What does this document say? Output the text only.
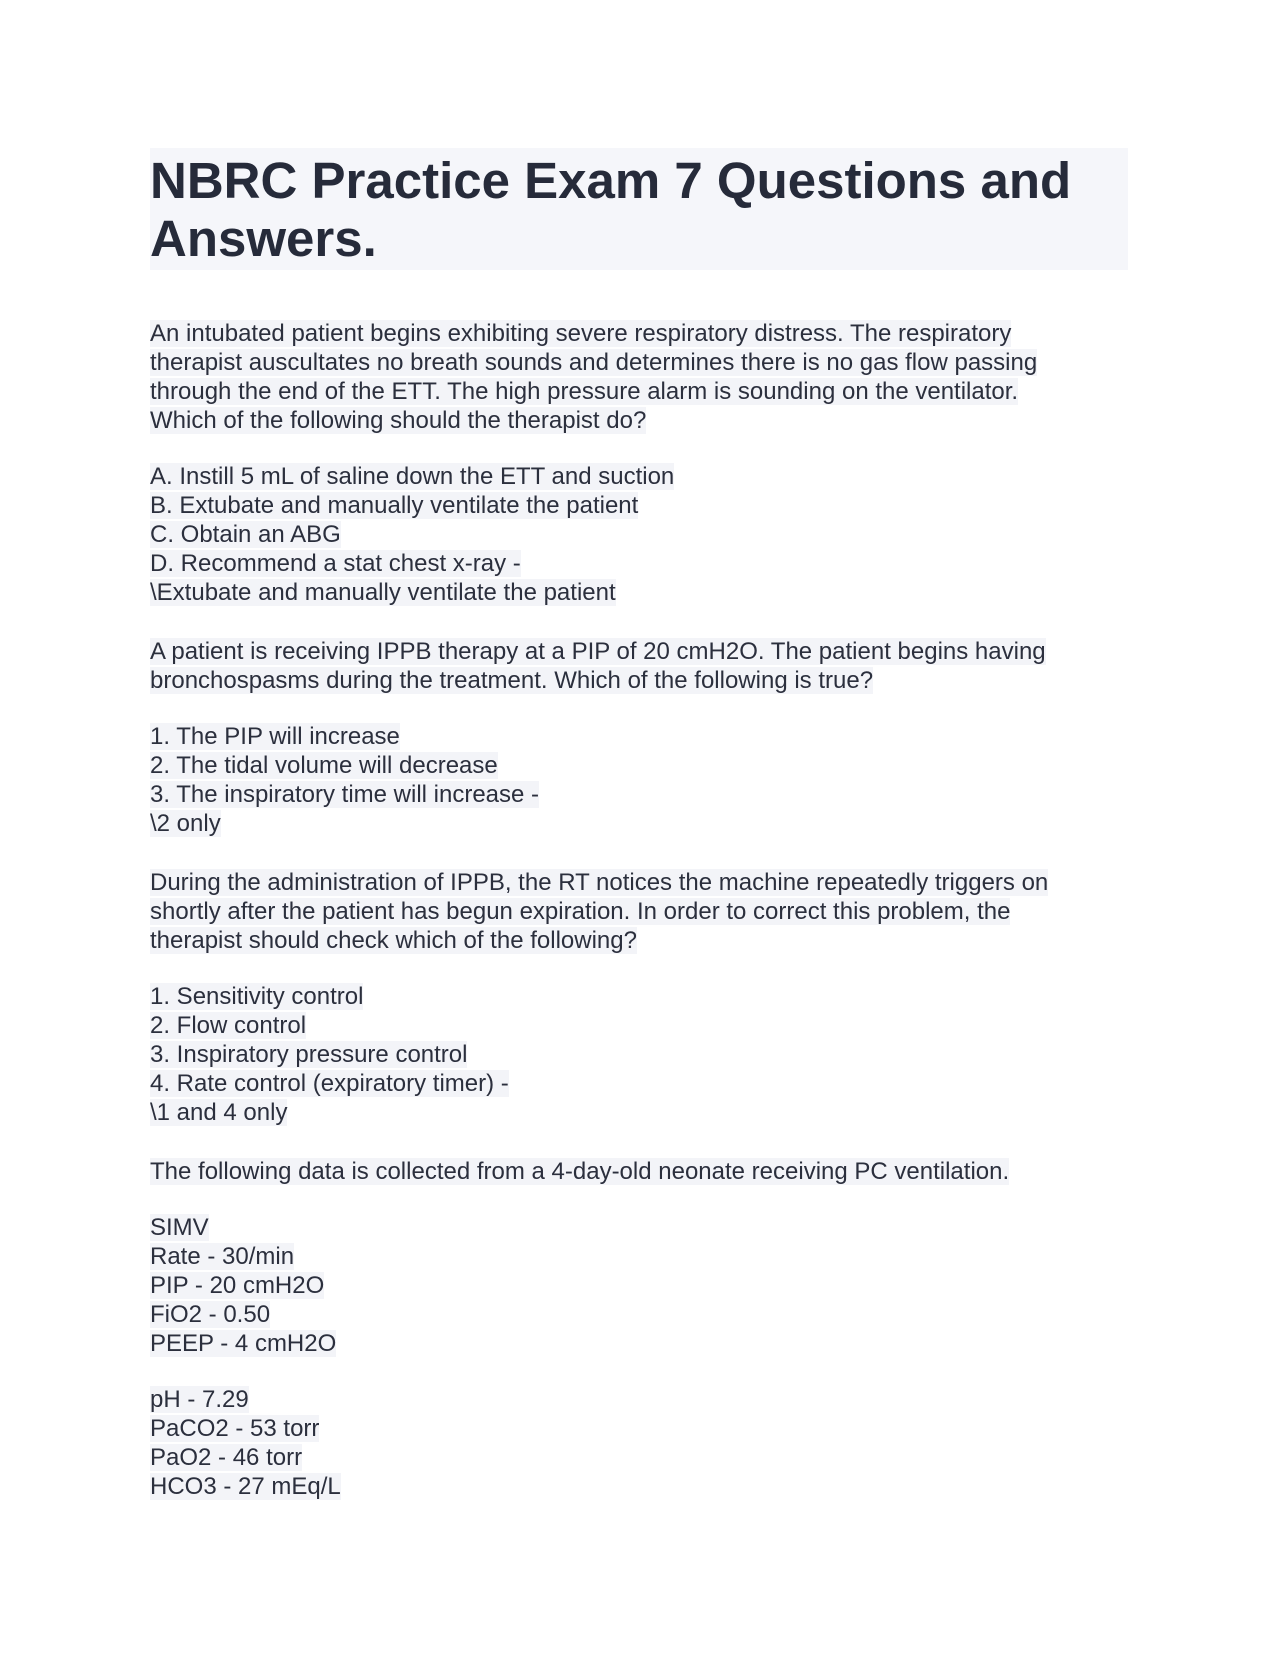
NBRC Practice Exam 7 Questions and Answers.
An intubated patient begins exhibiting severe respiratory distress. The respiratory
therapist auscultates no breath sounds and determines there is no gas flow passing
through the end of the ETT. The high pressure alarm is sounding on the ventilator.
Which of the following should the therapist do?
A. Instill 5 mL of saline down the ETT and suction
B. Extubate and manually ventilate the patient
C. Obtain an ABG
D. Recommend a stat chest x-ray -
\Extubate and manually ventilate the patient
A patient is receiving IPPB therapy at a PIP of 20 cmH2O. The patient begins having
bronchospasms during the treatment. Which of the following is true?
1. The PIP will increase
2. The tidal volume will decrease
3. The inspiratory time will increase -
\2 only
During the administration of IPPB, the RT notices the machine repeatedly triggers on
shortly after the patient has begun expiration. In order to correct this problem, the
therapist should check which of the following?
1. Sensitivity control
2. Flow control
3. Inspiratory pressure control
4. Rate control (expiratory timer) -
\1 and 4 only
The following data is collected from a 4-day-old neonate receiving PC ventilation.
SIMV
Rate - 30/min
PIP - 20 cmH2O
FiO2 - 0.50
PEEP - 4 cmH2O
pH - 7.29
PaCO2 - 53 torr
PaO2 - 46 torr
HCO3 - 27 mEq/L
